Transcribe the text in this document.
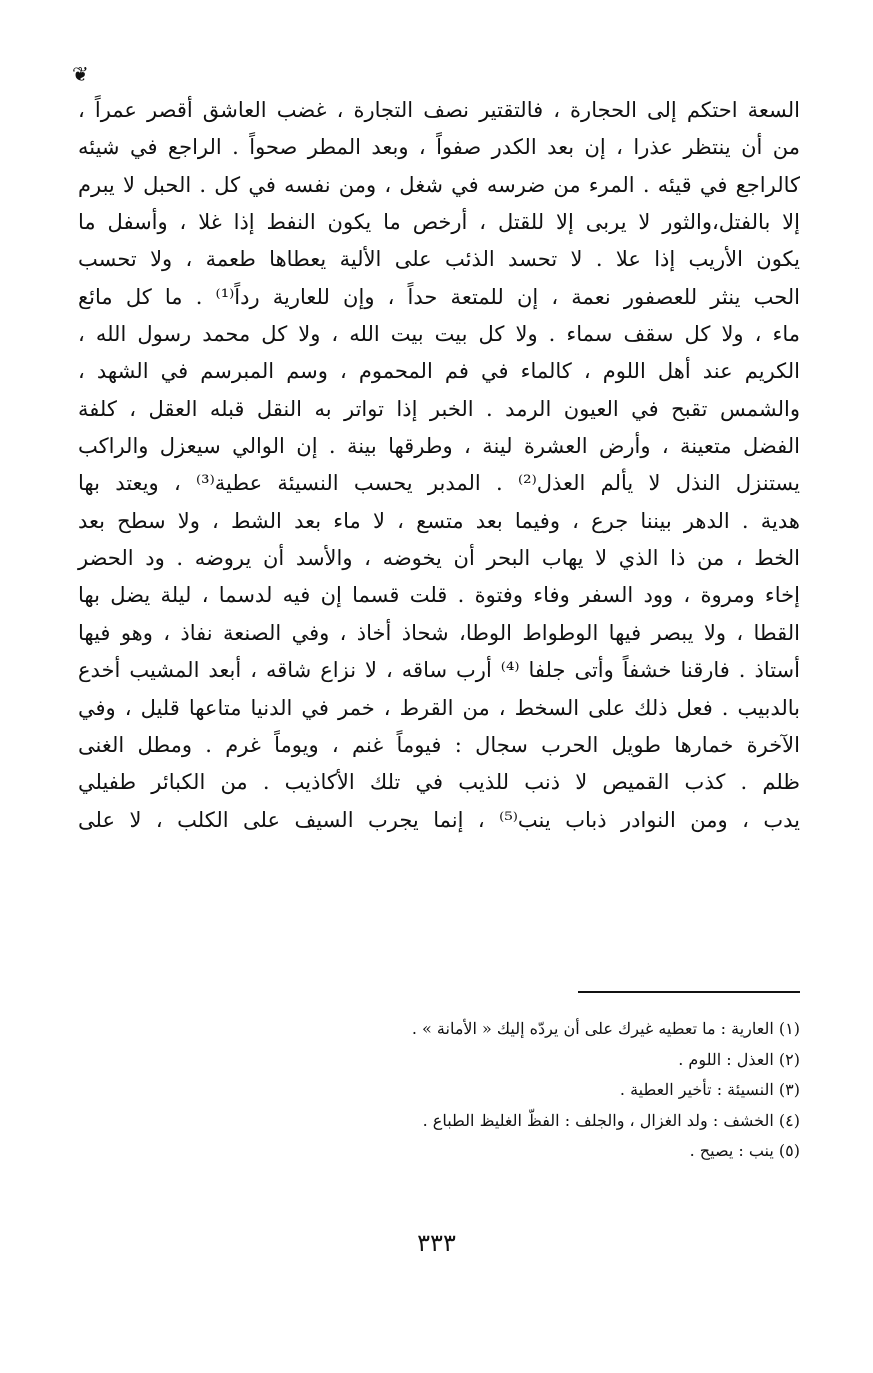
❦
السعة احتكم إلى الحجارة ، فالتقتير نصف التجارة ، غضب العاشق أقصر عمراً ،
من أن ينتظر عذرا ، إن بعد الكدر صفواً ، وبعد المطر صحواً . الراجع في شيئه
كالراجع في قيئه . المرء من ضرسه في شغل ، ومن نفسه في كل . الحبل لا يبرم
إلا بالفتل،والثور لا يربى إلا للقتل ، أرخص ما يكون النفط إذا غلا ، وأسفل ما
يكون الأريب إذا علا . لا تحسد الذئب على الألية يعطاها طعمة ، ولا تحسب
الحب ينثر للعصفور نعمة ، إن للمتعة حداً ، وإن للعارية رداً⁽¹⁾ . ما كل مائع
ماء ، ولا كل سقف سماء . ولا كل بيت بيت الله ، ولا كل محمد رسول الله ،
الكريم عند أهل اللوم ، كالماء في فم المحموم ، وسم المبرسم في الشهد ،
والشمس تقبح في العيون الرمد . الخبر إذا تواتر به النقل قبله العقل ، كلفة
الفضل متعينة ، وأرض العشرة لينة ، وطرقها بينة . إن الوالي سيعزل والراكب
يستنزل النذل لا يألم العذل⁽²⁾ . المدبر يحسب النسيئة عطية⁽³⁾ ، ويعتد بها
هدية . الدهر بيننا جرع ، وفيما بعد متسع ، لا ماء بعد الشط ، ولا سطح بعد
الخط ، من ذا الذي لا يهاب البحر أن يخوضه ، والأسد أن يروضه . ود الحضر
إخاء ومروة ، وود السفر وفاء وفتوة . قلت قسما إن فيه لدسما ، ليلة يضل بها
القطا ، ولا يبصر فيها الوطواط الوطا، شحاذ أخاذ ، وفي الصنعة نفاذ ، وهو فيها
أستاذ . فارقنا خشفاً وأتى جلفا ⁽⁴⁾ أرب ساقه ، لا نزاع شاقه ، أبعد المشيب أخدع
بالدبيب . فعل ذلك على السخط ، من القرط ، خمر في الدنيا متاعها قليل ، وفي
الآخرة خمارها طويل الحرب سجال : فيوماً غنم ، ويوماً غرم . ومطل الغنى
ظلم . كذب القميص لا ذنب للذيب في تلك الأكاذيب . من الكبائر طفيلي
يدب ، ومن النوادر ذباب ينب⁽⁵⁾ ، إنما يجرب السيف على الكلب ، لا على
(١) العارية : ما تعطيه غيرك على أن يردّه إليك « الأمانة » .
(٢) العذل : اللوم .
(٣) النسيئة : تأخير العطية .
(٤) الخشف : ولد الغزال ، والجلف : الفظّ الغليظ الطباع .
(٥) ينب : يصيح .
٣٣٣
